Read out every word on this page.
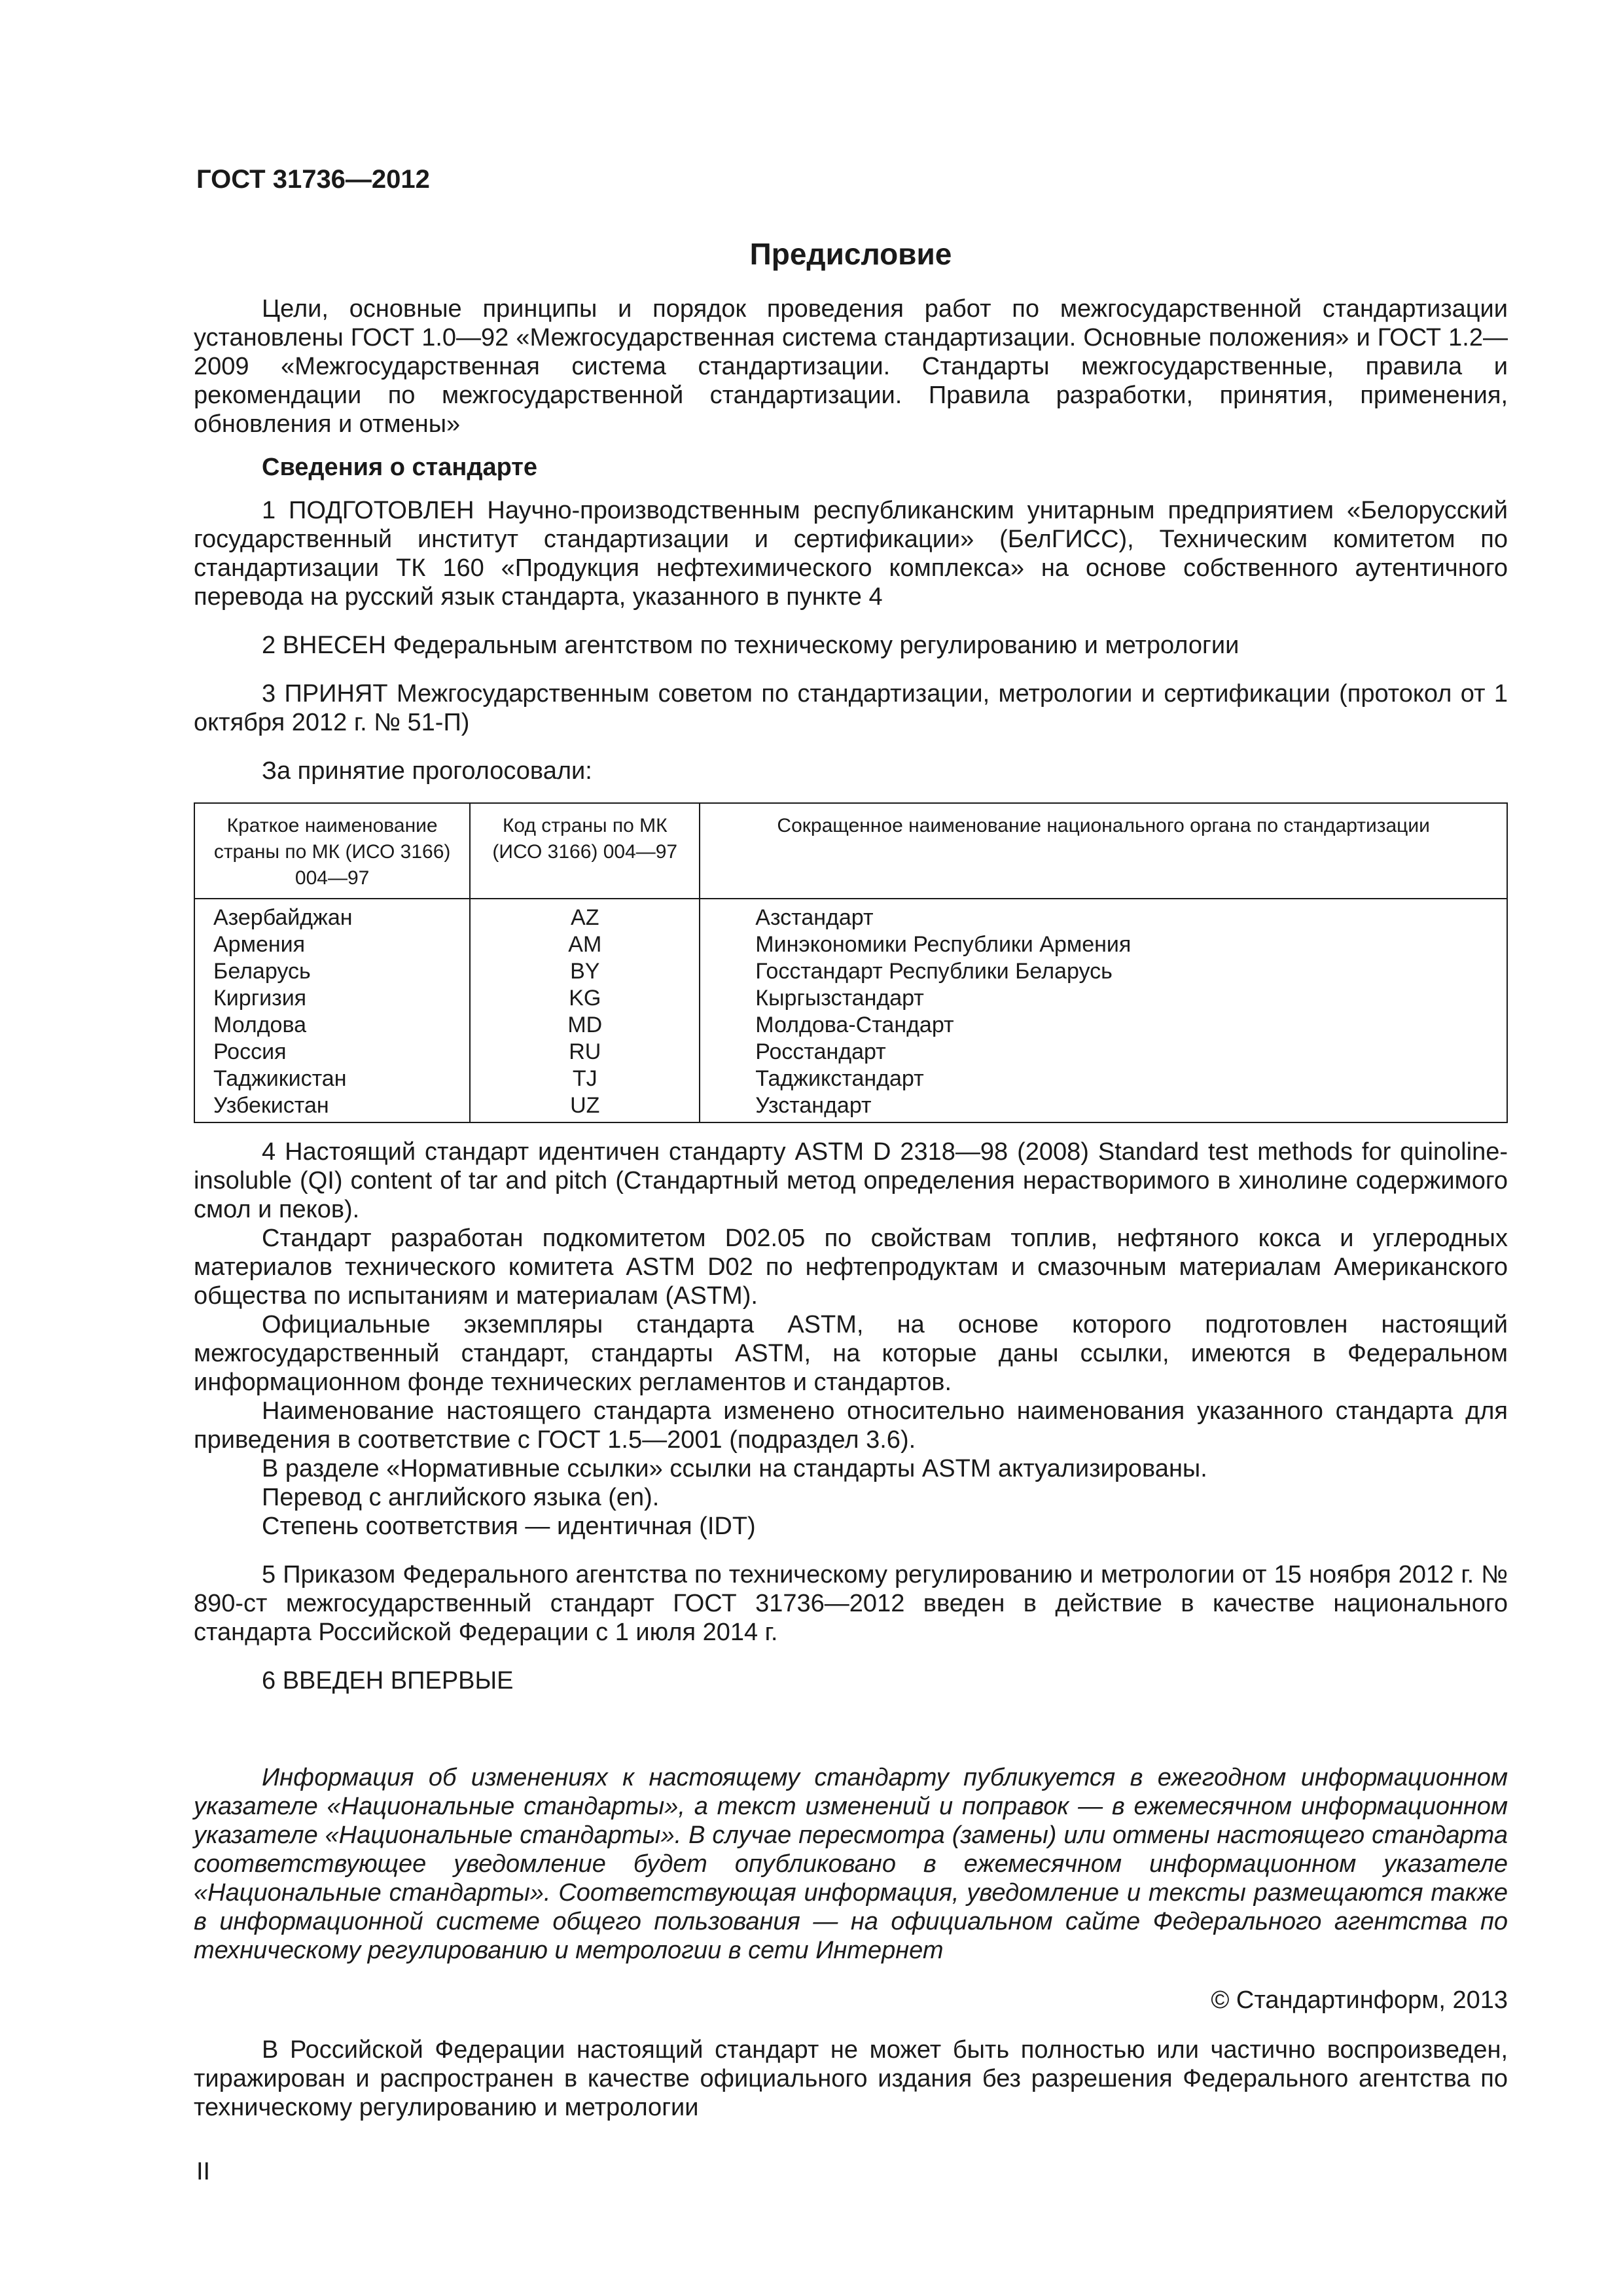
ГОСТ 31736—2012
Предисловие

Цели, основные принципы и порядок проведения работ по межгосударственной стандартизации установлены ГОСТ 1.0—92 «Межгосударственная система стандартизации. Основные положения» и ГОСТ 1.2—2009 «Межгосударственная система стандартизации. Стандарты межгосударственные, правила и рекомендации по межгосударственной стандартизации. Правила разработки, принятия, применения, обновления и отмены»

Сведения о стандарте

1 ПОДГОТОВЛЕН Научно-производственным республиканским унитарным предприятием «Белорусский государственный институт стандартизации и сертификации» (БелГИСС), Техническим комитетом по стандартизации ТК 160 «Продукция нефтехимического комплекса» на основе собственного аутентичного перевода на русский язык стандарта, указанного в пункте 4

2 ВНЕСЕН Федеральным агентством по техническому регулированию и метрологии

3 ПРИНЯТ Межгосударственным советом по стандартизации, метрологии и сертификации (протокол от 1 октября 2012 г. № 51-П)

За принятие проголосовали:

Краткое наименование страны по МК (ИСО 3166) 004—97	Код страны по МК (ИСО 3166) 004—97	Сокращенное наименование национального органа по стандартизации
Азербайджан	AZ	Азстандарт
Армения	AM	Минэкономики Республики Армения
Беларусь	BY	Госстандарт Республики Беларусь
Киргизия	KG	Кыргызстандарт
Молдова	MD	Молдова-Стандарт
Россия	RU	Росстандарт
Таджикистан	TJ	Таджикстандарт
Узбекистан	UZ	Узстандарт

4 Настоящий стандарт идентичен стандарту ASTM D 2318—98 (2008) Standard test methods for quinoline-insoluble (QI) content of tar and pitch (Стандартный метод определения нерастворимого в хинолине содержимого смол и пеков).

Стандарт разработан подкомитетом D02.05 по свойствам топлив, нефтяного кокса и углеродных материалов технического комитета ASTM D02 по нефтепродуктам и смазочным материалам Американского общества по испытаниям и материалам (ASTM).

Официальные экземпляры стандарта ASTM, на основе которого подготовлен настоящий межгосударственный стандарт, стандарты ASTM, на которые даны ссылки, имеются в Федеральном информационном фонде технических регламентов и стандартов.

Наименование настоящего стандарта изменено относительно наименования указанного стандарта для приведения в соответствие с ГОСТ 1.5—2001 (подраздел 3.6).

В разделе «Нормативные ссылки» ссылки на стандарты ASTM актуализированы.

Перевод с английского языка (en).

Степень соответствия — идентичная (IDT)

5 Приказом Федерального агентства по техническому регулированию и метрологии от 15 ноября 2012 г. № 890-ст межгосударственный стандарт ГОСТ 31736—2012 введен в действие в качестве национального стандарта Российской Федерации с 1 июля 2014 г.

6 ВВЕДЕН ВПЕРВЫЕ

Информация об изменениях к настоящему стандарту публикуется в ежегодном информационном указателе «Национальные стандарты», а текст изменений и поправок — в ежемесячном информационном указателе «Национальные стандарты». В случае пересмотра (замены) или отмены настоящего стандарта соответствующее уведомление будет опубликовано в ежемесячном информационном указателе «Национальные стандарты». Соответствующая информация, уведомление и тексты размещаются также в информационной системе общего пользования — на официальном сайте Федерального агентства по техническому регулированию и метрологии в сети Интернет

© Стандартинформ, 2013

В Российской Федерации настоящий стандарт не может быть полностью или частично воспроизведен, тиражирован и распространен в качестве официального издания без разрешения Федерального агентства по техническому регулированию и метрологии

II
